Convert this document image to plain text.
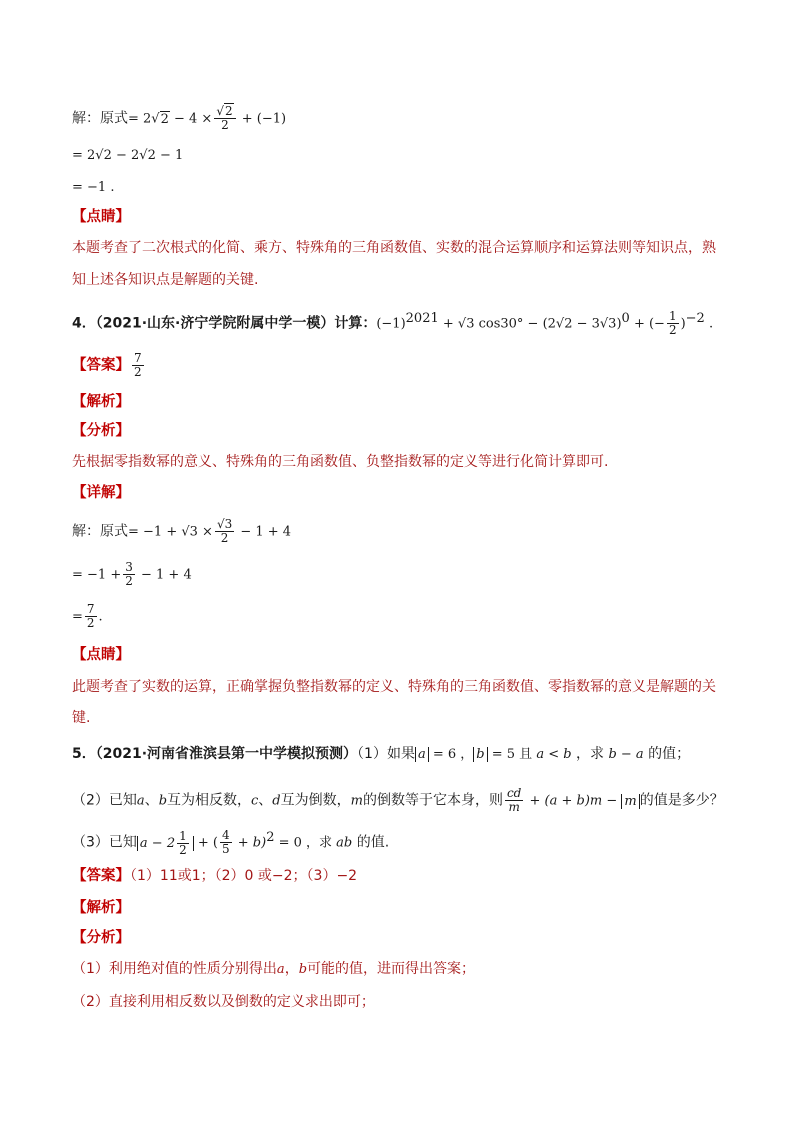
解：原式= $2√2 - 4 \times \frac{√2}{2} + (-1)$
= 2√2 − 2√2 − 1
= −1 .
【点睛】
本题考查了二次根式的化简、乘方、特殊角的三角函数值、实数的混合运算顺序和运算法则等知识点，熟
知上述各知识点是解题的关键.
4．（2021·山东·济宁学院附属中学一模）计算：$(-1)^{2021} + √3$ $\cos 30^\circ - (2√2 - 3√3)^0$ + (− $\frac{1}{2} )^{-2}$ .
【答案】 $\frac{7}{2}$
【解析】
【分析】
先根据零指数幂的意义、特殊角的三角函数值、负整指数幂的定义等进行化简计算即可.
【详解】
解：原式= $-1 + √3 \times \frac{√3}{2} - 1 + 4$
= $-1 + \frac{3}{2} - 1 + 4$
= $\frac{7}{2}$ .
【点睛】
此题考查了实数的运算，正确掌握负整指数幂的定义、特殊角的三角函数值、零指数幂的意义是解题的关
键.
5．（2021·河南省淮滨县第一中学模拟预测）（1）如果 a = 6 ， b = 5 且 a < b ，求 b − a 的值；
（2）已知a、b互为相反数，c、d互为倒数，m的倒数等于它本身，则 $\frac{cd}{m} + (a + b)m - m$ 的值是多少？
（3）已知 $a - 2 \frac{1}{2}$ + ( $\frac{4}{5} + b)^2 = 0$ ，求 ab 的值.
【答案】（1）11或1；（2）0 或−2；（3）−2
【解析】
【分析】
（1）利用绝对值的性质分别得出a，b可能的值，进而得出答案；
（2）直接利用相反数以及倒数的定义求出即可；
